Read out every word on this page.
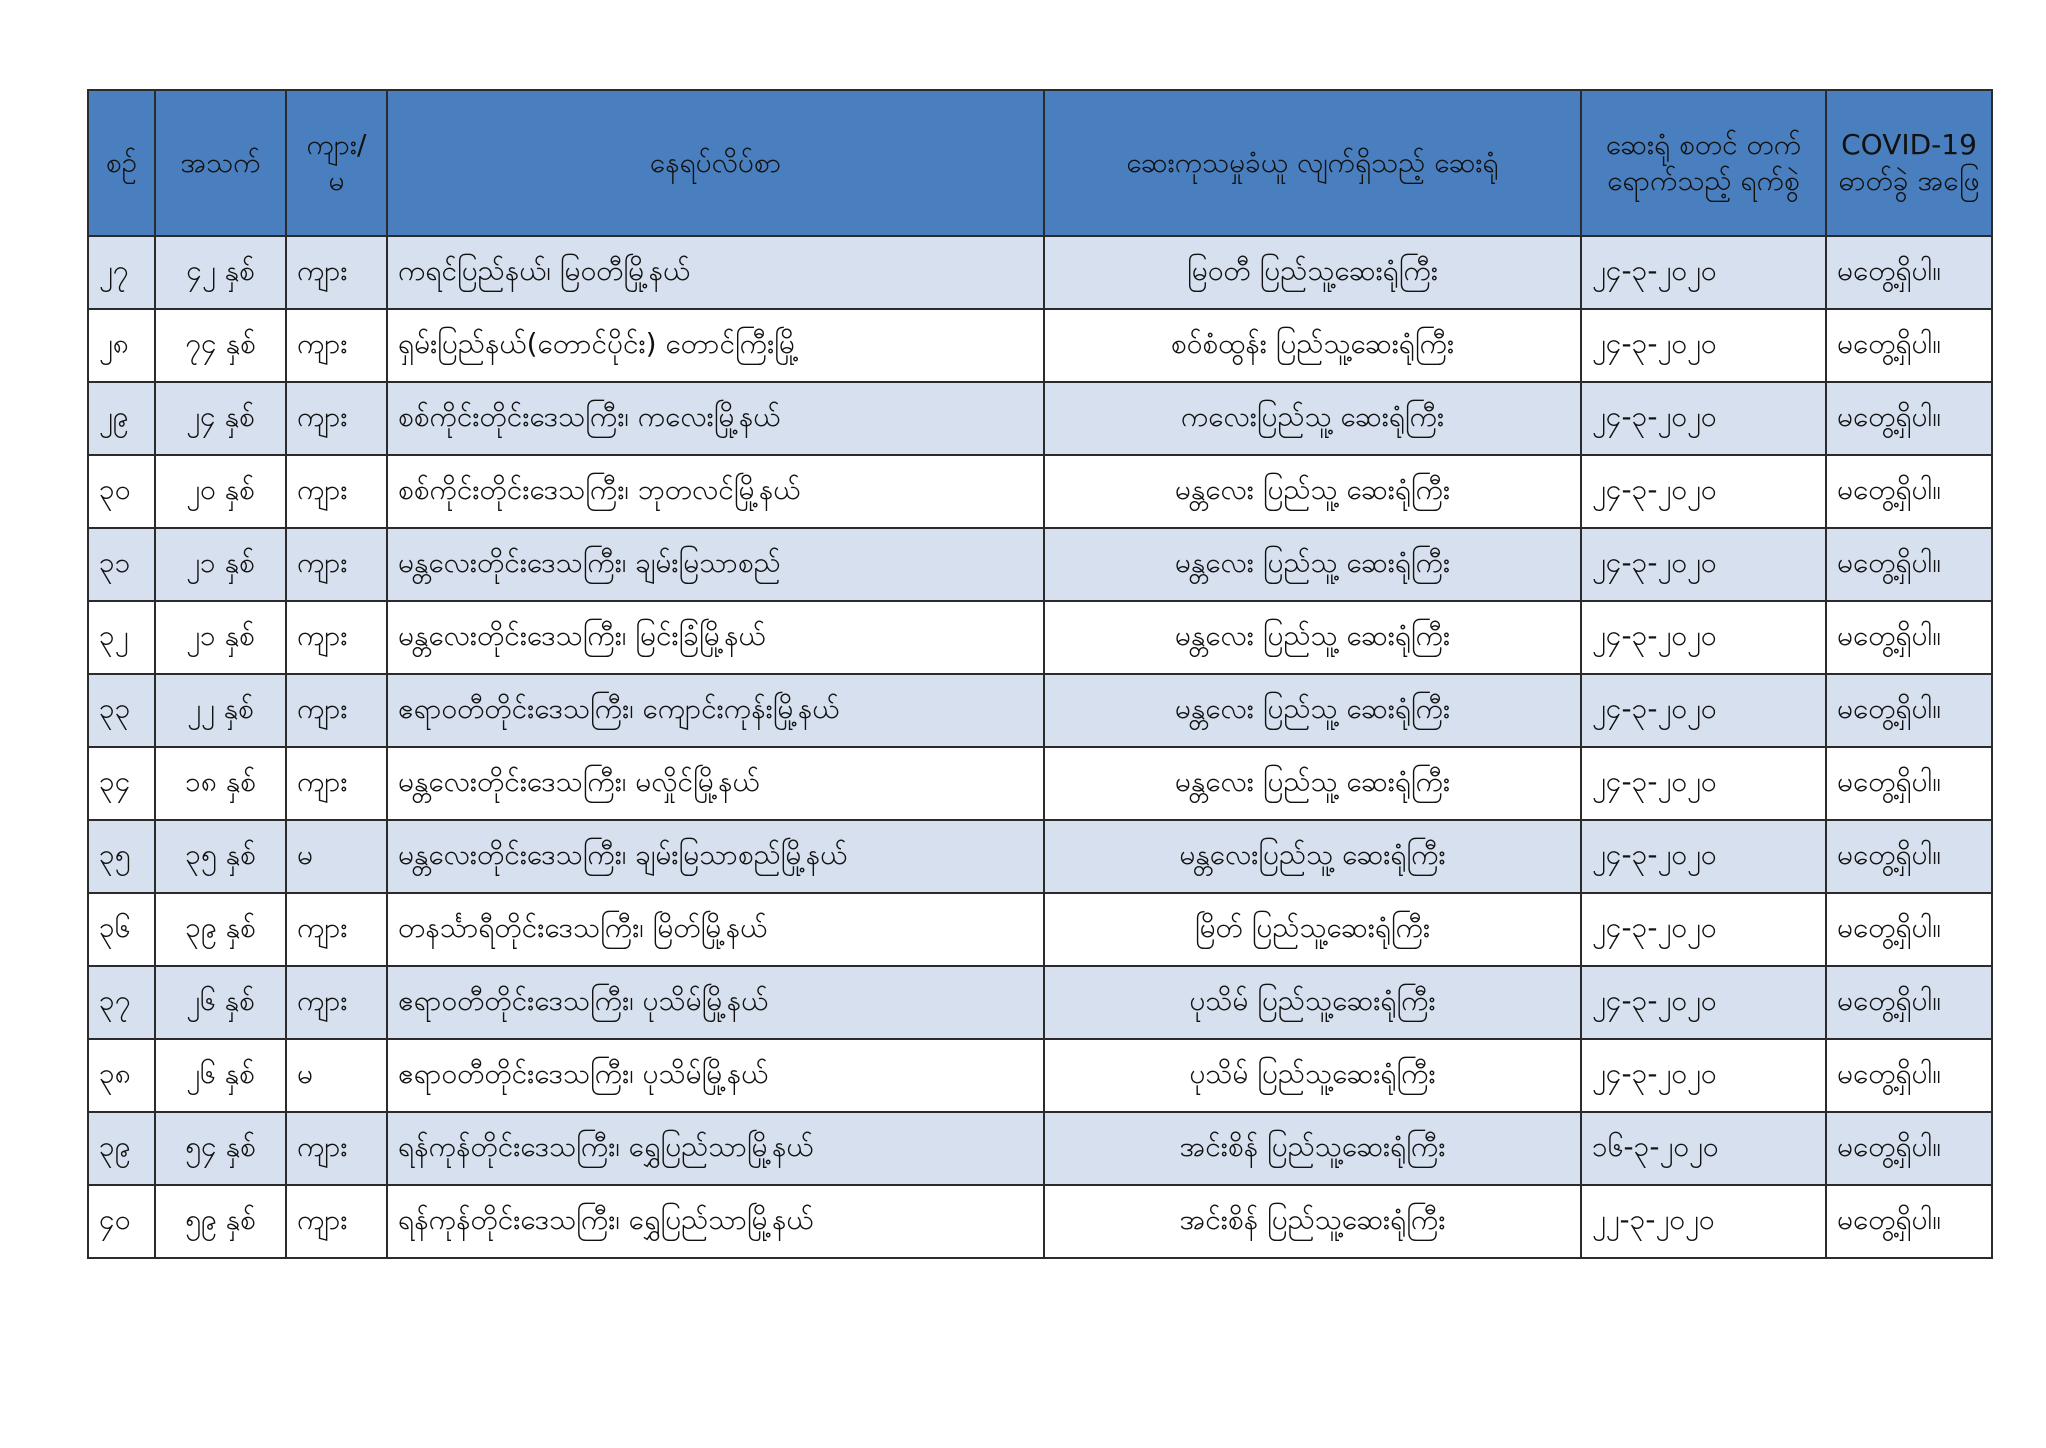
စဉ်	အသက်	ကျား/ မ	နေရပ်လိပ်စာ	ဆေးကုသမှုခံယူ လျက်ရှိသည့် ဆေးရုံ	ဆေးရုံ စတင် တက်ရောက်သည့် ရက်စွဲ	COVID-19 ဓာတ်ခွဲ အဖြေ
၂၇	၄၂ နှစ်	ကျား	ကရင်ပြည်နယ်၊ မြဝတီမြို့နယ်	မြဝတီ ပြည်သူ့ဆေးရုံကြီး	၂၄-၃-၂၀၂၀	မတွေ့ရှိပါ။
၂၈	၇၄ နှစ်	ကျား	ရှမ်းပြည်နယ်(တောင်ပိုင်း) တောင်ကြီးမြို့	စဝ်စံထွန်း ပြည်သူ့ဆေးရုံကြီး	၂၄-၃-၂၀၂၀	မတွေ့ရှိပါ။
၂၉	၂၄ နှစ်	ကျား	စစ်ကိုင်းတိုင်းဒေသကြီး၊ ကလေးမြို့နယ်	ကလေးပြည်သူ့ ဆေးရုံကြီး	၂၄-၃-၂၀၂၀	မတွေ့ရှိပါ။
၃၀	၂၀ နှစ်	ကျား	စစ်ကိုင်းတိုင်းဒေသကြီး၊ ဘုတလင်မြို့နယ်	မန္တလေး ပြည်သူ့ ဆေးရုံကြီး	၂၄-၃-၂၀၂၀	မတွေ့ရှိပါ။
၃၁	၂၁ နှစ်	ကျား	မန္တလေးတိုင်းဒေသကြီး၊ ချမ်းမြသာစည်	မန္တလေး ပြည်သူ့ ဆေးရုံကြီး	၂၄-၃-၂၀၂၀	မတွေ့ရှိပါ။
၃၂	၂၁ နှစ်	ကျား	မန္တလေးတိုင်းဒေသကြီး၊ မြင်းခြံမြို့နယ်	မန္တလေး ပြည်သူ့ ဆေးရုံကြီး	၂၄-၃-၂၀၂၀	မတွေ့ရှိပါ။
၃၃	၂၂ နှစ်	ကျား	ဧရာဝတီတိုင်းဒေသကြီး၊ ကျောင်းကုန်းမြို့နယ်	မန္တလေး ပြည်သူ့ ဆေးရုံကြီး	၂၄-၃-၂၀၂၀	မတွေ့ရှိပါ။
၃၄	၁၈ နှစ်	ကျား	မန္တလေးတိုင်းဒေသကြီး၊ မလှိုင်မြို့နယ်	မန္တလေး ပြည်သူ့ ဆေးရုံကြီး	၂၄-၃-၂၀၂၀	မတွေ့ရှိပါ။
၃၅	၃၅ နှစ်	မ	မန္တလေးတိုင်းဒေသကြီး၊ ချမ်းမြသာစည်မြို့နယ်	မန္တလေးပြည်သူ့ ဆေးရုံကြီး	၂၄-၃-၂၀၂၀	မတွေ့ရှိပါ။
၃၆	၃၉ နှစ်	ကျား	တနင်္သာရီတိုင်းဒေသကြီး၊ မြိတ်မြို့နယ်	မြိတ် ပြည်သူ့ဆေးရုံကြီး	၂၄-၃-၂၀၂၀	မတွေ့ရှိပါ။
၃၇	၂၆ နှစ်	ကျား	ဧရာဝတီတိုင်းဒေသကြီး၊ ပုသိမ်မြို့နယ်	ပုသိမ် ပြည်သူ့ဆေးရုံကြီး	၂၄-၃-၂၀၂၀	မတွေ့ရှိပါ။
၃၈	၂၆ နှစ်	မ	ဧရာဝတီတိုင်းဒေသကြီး၊ ပုသိမ်မြို့နယ်	ပုသိမ် ပြည်သူ့ဆေးရုံကြီး	၂၄-၃-၂၀၂၀	မတွေ့ရှိပါ။
၃၉	၅၄ နှစ်	ကျား	ရန်ကုန်တိုင်းဒေသကြီး၊ ရွှေပြည်သာမြို့နယ်	အင်းစိန် ပြည်သူ့ဆေးရုံကြီး	၁၆-၃-၂၀၂၀	မတွေ့ရှိပါ။
၄၀	၅၉ နှစ်	ကျား	ရန်ကုန်တိုင်းဒေသကြီး၊ ရွှေပြည်သာမြို့နယ်	အင်းစိန် ပြည်သူ့ဆေးရုံကြီး	၂၂-၃-၂၀၂၀	မတွေ့ရှိပါ။
